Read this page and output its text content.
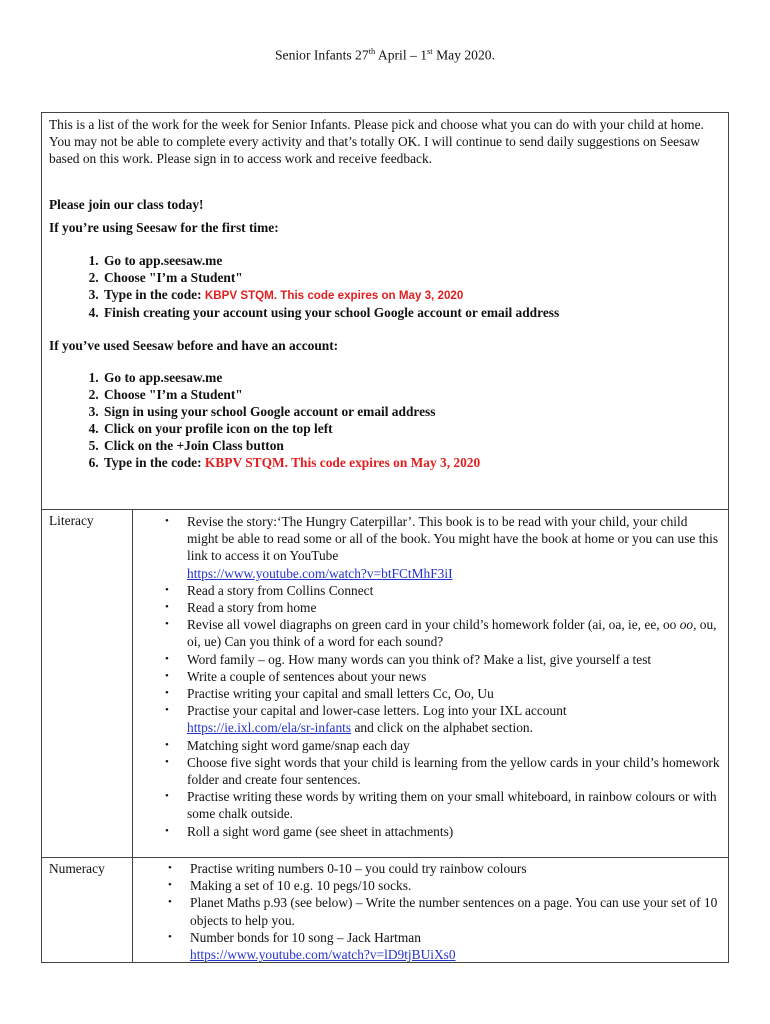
Senior Infants 27th April – 1st May 2020.

This is a list of the work for the week for Senior Infants. Please pick and choose what you can do with your child at home. You may not be able to complete every activity and that’s totally OK. I will continue to send daily suggestions on Seesaw based on this work. Please sign in to access work and receive feedback.

Please join our class today!

If you’re using Seesaw for the first time:

1. Go to app.seesaw.me
2. Choose "I’m a Student"
3. Type in the code: KBPV STQM. This code expires on May 3, 2020
4. Finish creating your account using your school Google account or email address

If you’ve used Seesaw before and have an account:

1. Go to app.seesaw.me
2. Choose "I’m a Student"
3. Sign in using your school Google account or email address
4. Click on your profile icon on the top left
5. Click on the +Join Class button
6. Type in the code: KBPV STQM. This code expires on May 3, 2020
Literacy	• Revise the story:‘The Hungry Caterpillar’. This book is to be read with your child, your child might be able to read some or all of the book. You might have the book at home or you can use this link to access it on YouTube
https://www.youtube.com/watch?v=btFCtMhF3iI
• Read a story from Collins Connect
• Read a story from home
• Revise all vowel diagraphs on green card in your child’s homework folder (ai, oa, ie, ee, oo oo, ou, oi, ue) Can you think of a word for each sound?
• Word family – og. How many words can you think of? Make a list, give yourself a test
• Write a couple of sentences about your news
• Practise writing your capital and small letters Cc, Oo, Uu
• Practise your capital and lower-case letters. Log into your IXL account
https://ie.ixl.com/ela/sr-infants and click on the alphabet section.
• Matching sight word game/snap each day
• Choose five sight words that your child is learning from the yellow cards in your child’s homework folder and create four sentences.
• Practise writing these words by writing them on your small whiteboard, in rainbow colours or with some chalk outside.
• Roll a sight word game (see sheet in attachments)
Numeracy	• Practise writing numbers 0-10 – you could try rainbow colours
• Making a set of 10 e.g. 10 pegs/10 socks.
• Planet Maths p.93 (see below) – Write the number sentences on a page. You can use your set of 10 objects to help you.
• Number bonds for 10 song – Jack Hartman
https://www.youtube.com/watch?v=lD9tjBUiXs0
